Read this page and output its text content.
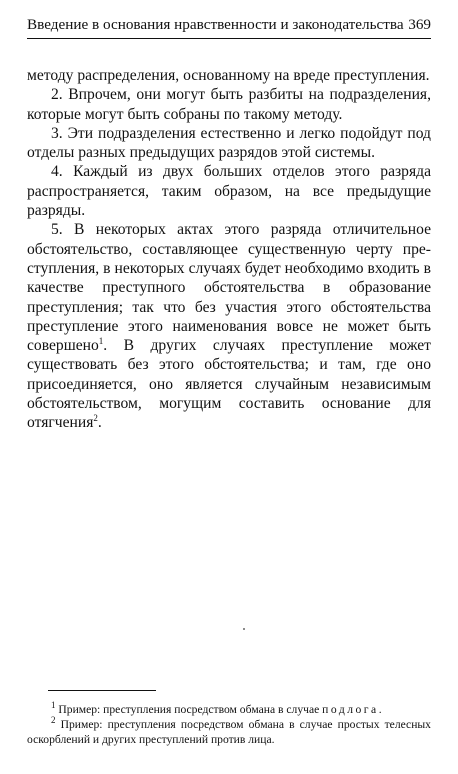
Введение в основания нравственности и законодательства 369

методу распределения, основанному на вреде преступления.

2. Впрочем, они могут быть разбиты на подразделения, которые могут быть собраны по такому методу.

3. Эти подразделения естественно и легко подойдут под отделы разных предыдущих разрядов этой системы.

4. Каждый из двух больших отделов этого разряда распространяется, таким образом, на все предыдущие разряды.

5. В некоторых актах этого разряда отличительное обстоятельство, составляющее существенную черту преступления, в некоторых случаях будет необходимо входить в качестве преступного обстоятельства в образование преступления; так что без участия этого обстоятельства преступление этого наименования вовсе не может быть совершено$^1$. В других случаях преступление может существовать без этого обстоятельства; и там, где оно присоединяется, оно является случайным независимым обстоятельством, могущим составить основание для отягчения$^2$.

$^1$ Пример: преступления посредством обмана в случае подлога.

$^2$ Пример: преступления посредством обмана в случае простых телесных оскорблений и других преступлений против лица.
